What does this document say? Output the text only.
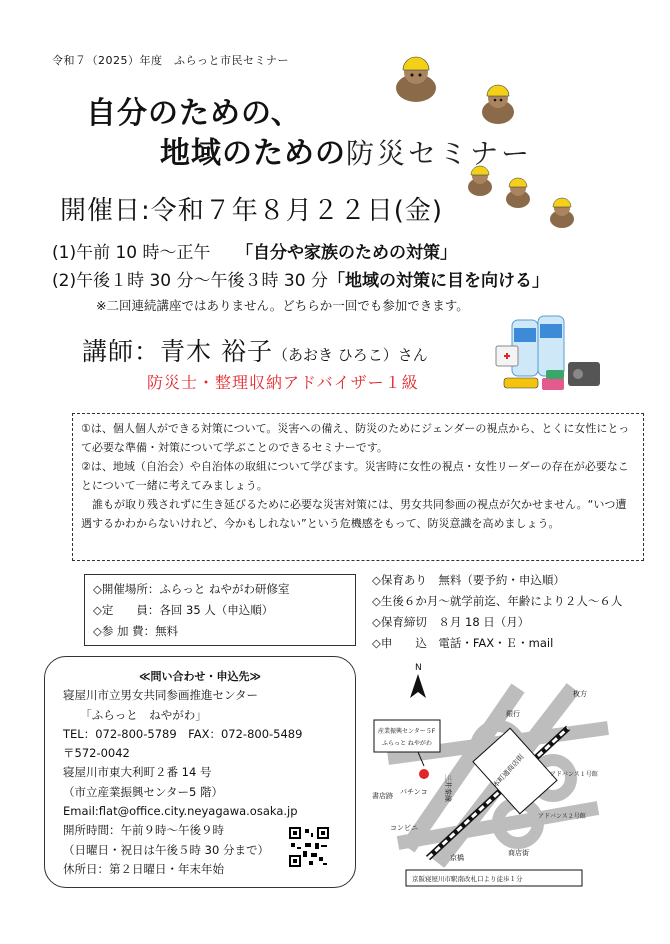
令和７（2025）年度　ふらっと市民セミナー
自分のための、
地域のための防災セミナー
開催日:令和７年８月２２日(金)
(1)午前 10 時～正午　　「自分や家族のための対策」
(2)午後１時 30 分～午後３時 30 分「地域の対策に目を向ける」
※二回連続講座ではありません。どちらか一回でも参加できます。
講師：青木 裕子（あおき ひろこ）さん
防災士・整理収納アドバイザー１級

①は、個人個人ができる対策について。災害への備え、防災のためにジェンダーの視点から、とくに女性にとって必要な準備・対策について学ぶことのできるセミナーです。

②は、地域（自治会）や自治体の取組について学びます。災害時に女性の視点・女性リーダーの存在が必要なことについて一緒に考えてみましょう。

　誰もが取り残されずに生き延びるために必要な災害対策には、男女共同参画の視点が欠かせません。“いつ遭遇するかわからないけれど、今かもしれない”という危機感をもって、防災意識を高めましょう。

◇開催場所：ふらっと ねやがわ研修室
◇定　　員：各回 35 人（申込順）
◇参 加 費：無料
◇保育あり　無料（要予約・申込順）
◇生後６か月～就学前迄、年齢により２人～６人
◇保育締切　８月 18 日（月）
◇申　　込　電話・FAX・Ｅ・mail
≪問い合わせ・申込先≫
寝屋川市立男女共同参画推進センター
　　「ふらっと　ねやがわ」
TEL：072-800-5789　FAX：072-800-5489
〒572-0042
寝屋川市東大利町２番 14 号
（市立産業振興センター5 階）
Email:flat@office.city.neyagawa.osaka.jp
開所時間：午前９時～午後９時
（日曜日・祝日は午後５時 30 分まで）
休所日：第２日曜日・年末年始
N
本町通商店街
産業振興センター５F
ふらっと ねやがわ
銀行
パチンコ
書店跡
コンビニ
京橋
三井秦線
枚方
アドバンス１号館
アドバンス２号館
商店街
京阪寝屋川市駅南改札口より徒歩１分
